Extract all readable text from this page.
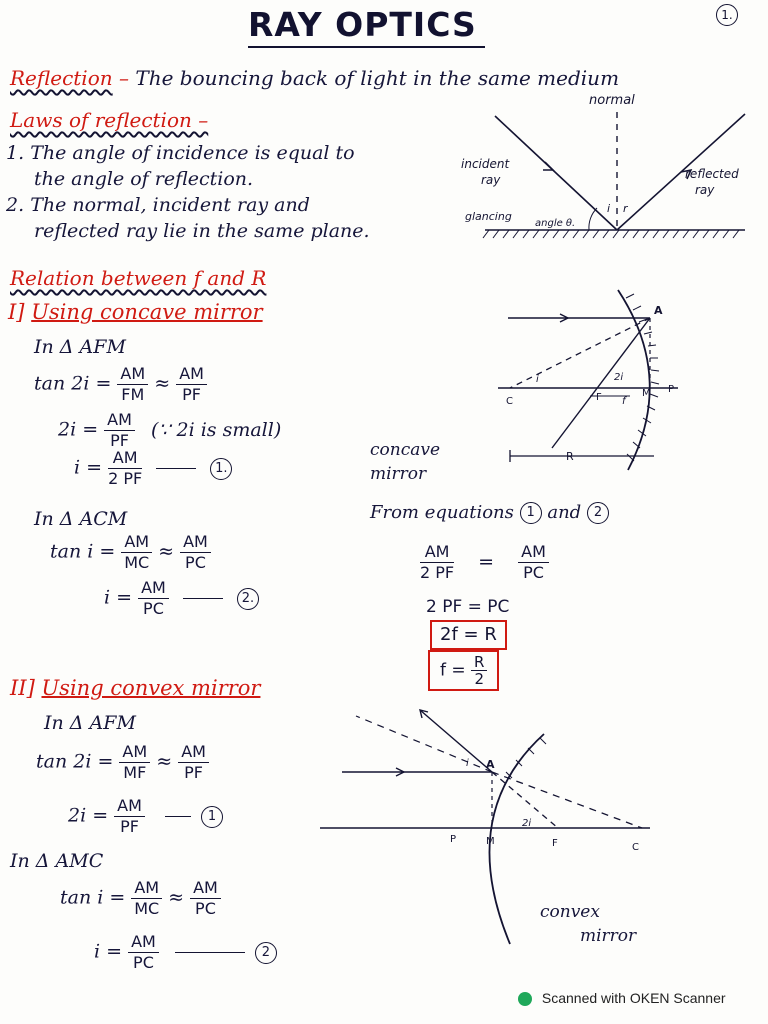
RAY OPTICS	1.
Reflection – The bouncing back of light in the same medium
Laws of reflection –
1. The angle of incidence is equal to
the angle of reflection.
2. The normal, incident ray and
reflected ray lie in the same plane.
normal
incident
ray	reflected
ray
glancing
angle θ.
i r
Relation between f and R
I] Using concave mirror
In Δ AFM
$\tan 2i = \frac{AM}{FM} \approx \frac{AM}{PF}$
$2i = \frac{AM}{PF}$ (∵ 2i is small)
$i = \frac{AM}{2 PF}$	1.
In Δ ACM
$\tan i = \frac{AM}{MC} \approx \frac{AM}{PC}$
$i = \frac{AM}{PC}$	2.
A
C	F f
M P
R
i	2i
concave
mirror
From equations 1 and 2
$\frac{AM}{2 PF} = \frac{AM}{PC}$
2 PF = PC
2f = R
$f = \frac{R}{2}$
II] Using convex mirror
In Δ AFM
$\tan 2i = \frac{AM}{MF} \approx \frac{AM}{PF}$
$2i = \frac{AM}{PF}$	1
In Δ AMC
$\tan i = \frac{AM}{MC} \approx \frac{AM}{PC}$
$i = \frac{AM}{PC}$	2
A
P	M	F	C
i
2i
convex
mirror
Scanned with OKEN Scanner
